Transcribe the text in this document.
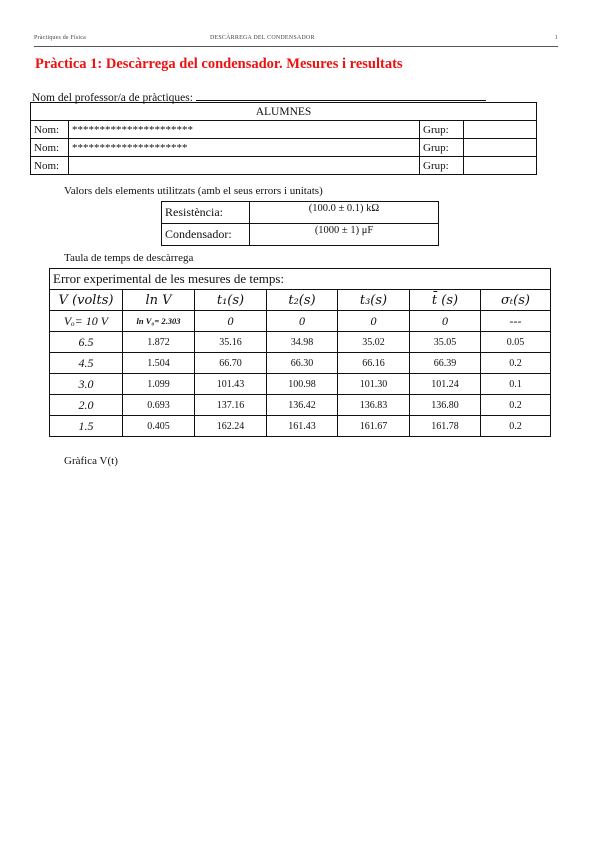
Pràctiques de Física	DESCÀRREGA DEL CONDENSADOR	1
Pràctica 1: Descàrrega del condensador. Mesures i resultats
Nom del professor/a de pràctiques:
ALUMNES			
Nom:	**********************	Grup:	
Nom:	*********************	Grup:	
Nom:		Grup:	
Valors dels elements utilitzats (amb el seus errors i unitats)
Resistència:	(100.0 ± 0.1) kΩ
Condensador:	(1000 ± 1) μF
Taula de temps de descàrrega
Error experimental de les mesures de temps:						
V (volts)	ln V	t₁(s)	t₂(s)	t₃(s)	t̄ (s)	σₜ(s)
Vₒ= 10 V	ln V₀= 2.303	0	0	0	0	---
6.5	1.872	35.16	34.98	35.02	35.05	0.05
4.5	1.504	66.70	66.30	66.16	66.39	0.2
3.0	1.099	101.43	100.98	101.30	101.24	0.1
2.0	0.693	137.16	136.42	136.83	136.80	0.2
1.5	0.405	162.24	161.43	161.67	161.78	0.2
Gràfica V(t)
